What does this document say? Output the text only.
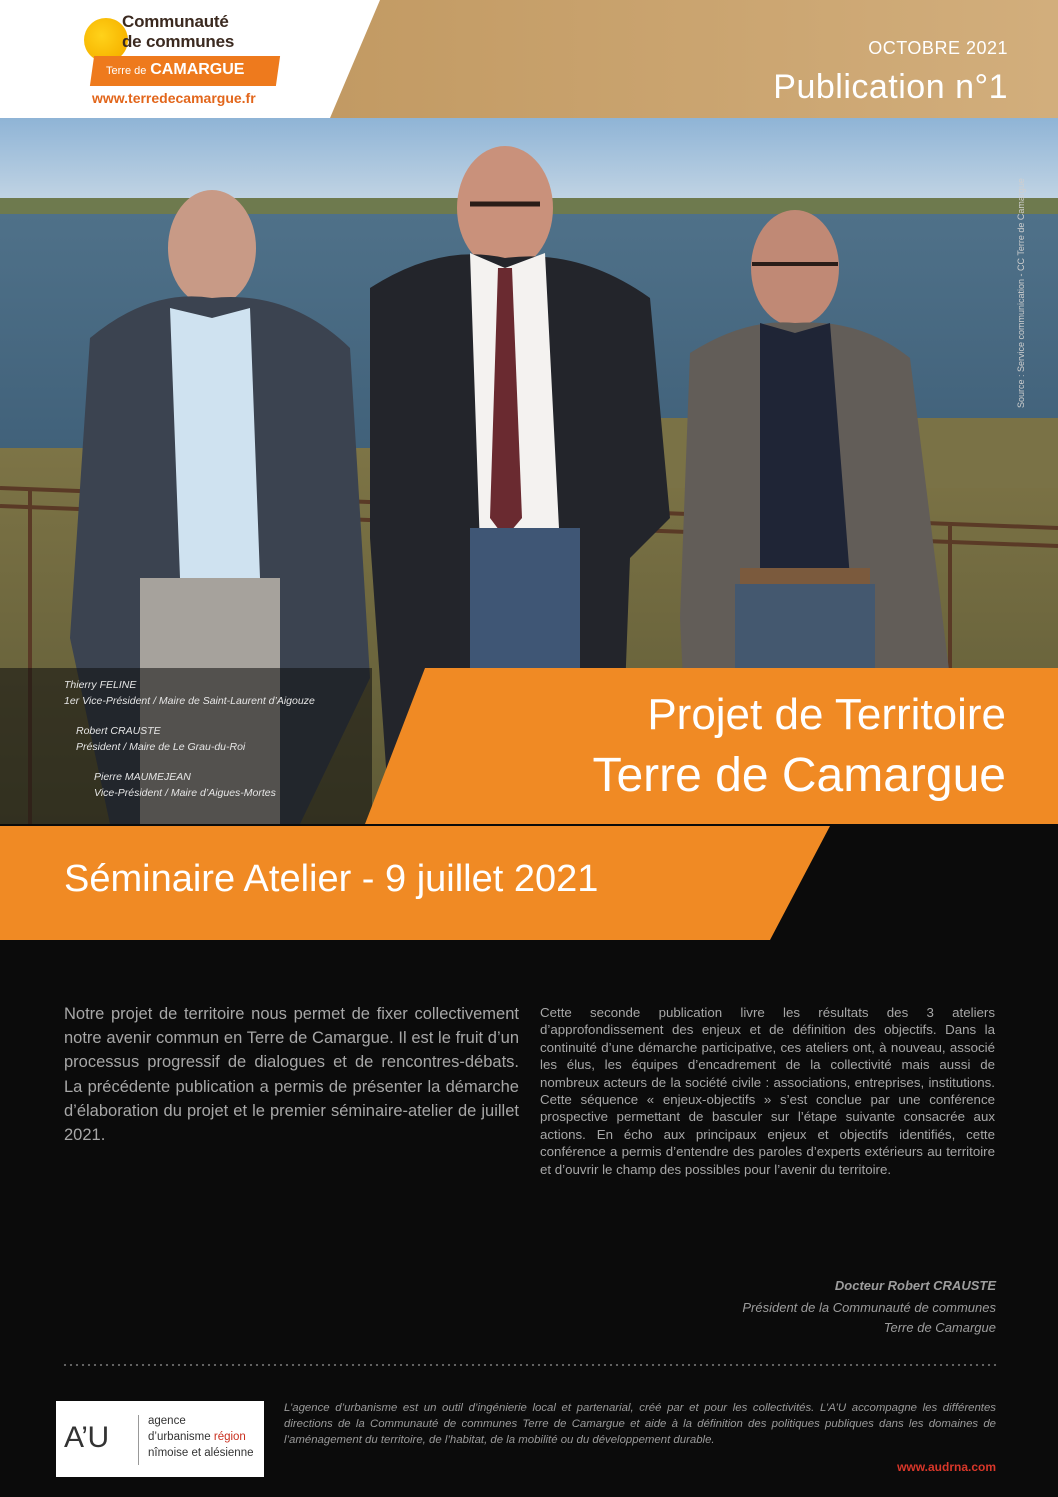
Communauté
de communes
Terre de CAMARGUE
www.terredecamargue.fr
OCTOBRE 2021
Publication n°1
Source : Service communication - CC Terre de Camargue
Thierry FELINE
1er Vice-Président / Maire de Saint-Laurent d’Aigouze
Robert CRAUSTE
Président / Maire de Le Grau-du-Roi
Pierre MAUMEJEAN
Vice-Président / Maire d’Aigues-Mortes
Projet de Territoire
Terre de Camargue
Séminaire Atelier - 9 juillet 2021

Notre projet de territoire nous permet de fixer collectivement notre avenir commun en Terre de Camargue. Il est le fruit d’un processus progressif de dialogues et de rencontres-débats. La précédente publication a permis de présenter la démarche d’élaboration du projet et le premier séminaire-atelier de juillet 2021.

Cette seconde publication livre les résultats des 3 ateliers d’approfondissement des enjeux et de définition des objectifs. Dans la continuité d’une démarche participative, ces ateliers ont, à nouveau, associé les élus, les équipes d’encadrement de la collectivité mais aussi de nombreux acteurs de la société civile : associations, entreprises, institutions. Cette séquence « enjeux-objectifs » s’est conclue par une conférence prospective permettant de basculer sur l’étape suivante consacrée aux actions. En écho aux principaux enjeux et objectifs identifiés, cette conférence a permis d’entendre des paroles d’experts extérieurs au territoire et d’ouvrir le champ des possibles pour l’avenir du territoire.

Docteur Robert CRAUSTE
Président de la Communauté de communes
Terre de Camargue
A’U	agence
d’urbanisme région
nîmoise et alésienne

L’agence d’urbanisme est un outil d’ingénierie local et partenarial, créé par et pour les collectivités. L’A’U accompagne les différentes directions de la Communauté de communes Terre de Camargue et aide à la définition des politiques publiques dans les domaines de l’aménagement du territoire, de l’habitat, de la mobilité ou du développement durable.

www.audrna.com
